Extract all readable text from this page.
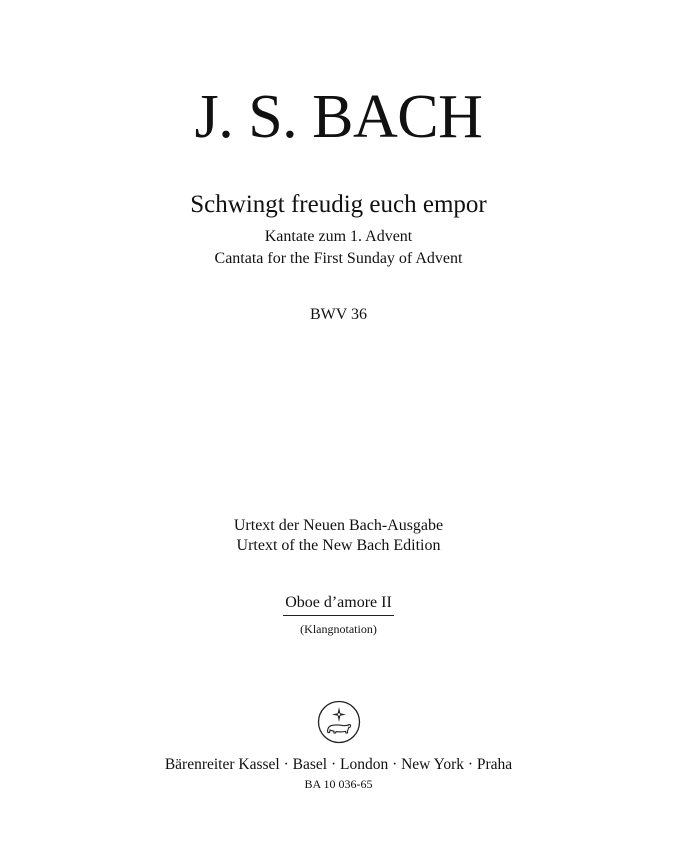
J. S. BACH
Schwingt freudig euch empor
Kantate zum 1. Advent
Cantata for the First Sunday of Advent
BWV 36
Urtext der Neuen Bach-Ausgabe
Urtext of the New Bach Edition
Oboe d’amore II
(Klangnotation)
Bärenreiter Kassel · Basel · London · New York · Praha
BA 10 036-65
